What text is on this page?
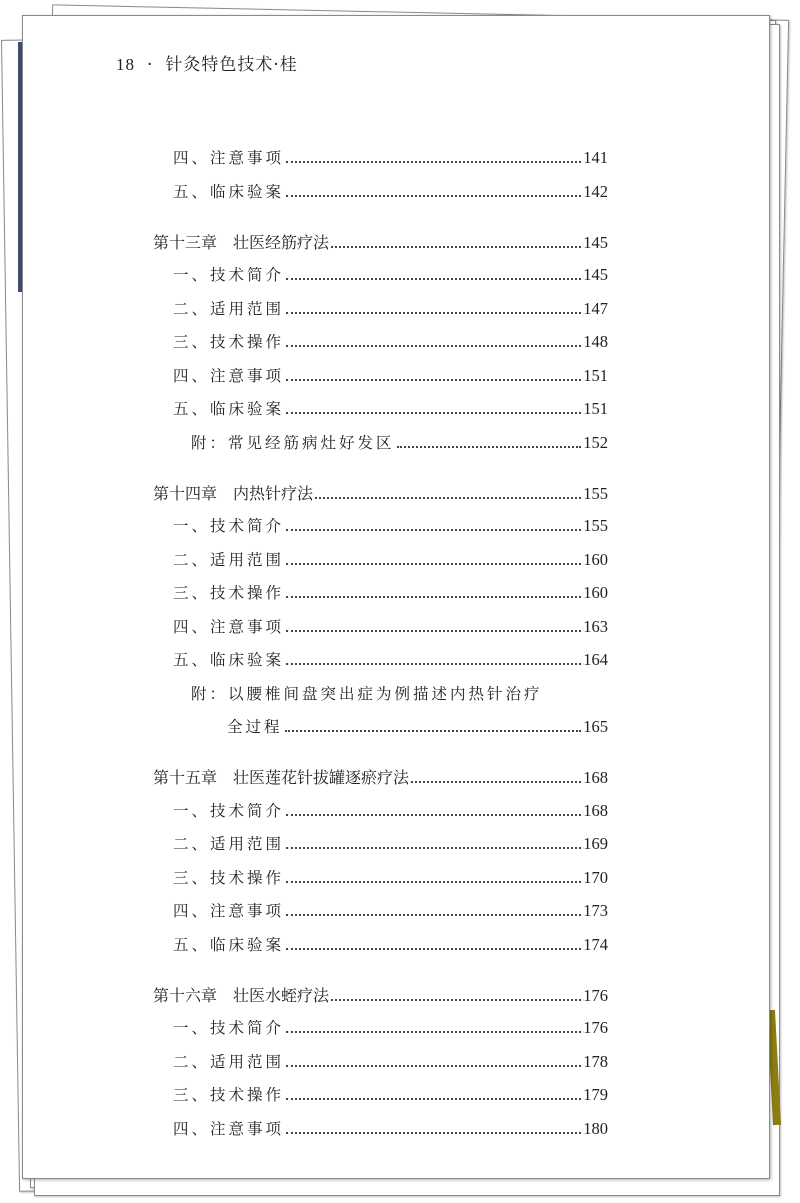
18 · 针灸特色技术·桂
四、注意事项	141
五、临床验案	142
第十三章 壮医经筋疗法	145
一、技术简介	145
二、适用范围	147
三、技术操作	148
四、注意事项	151
五、临床验案	151
附：常见经筋病灶好发区	152
第十四章 内热针疗法	155
一、技术简介	155
二、适用范围	160
三、技术操作	160
四、注意事项	163
五、临床验案	164
附：以腰椎间盘突出症为例描述内热针治疗
全过程	165
第十五章 壮医莲花针拔罐逐瘀疗法	168
一、技术简介	168
二、适用范围	169
三、技术操作	170
四、注意事项	173
五、临床验案	174
第十六章 壮医水蛭疗法	176
一、技术简介	176
二、适用范围	178
三、技术操作	179
四、注意事项	180
